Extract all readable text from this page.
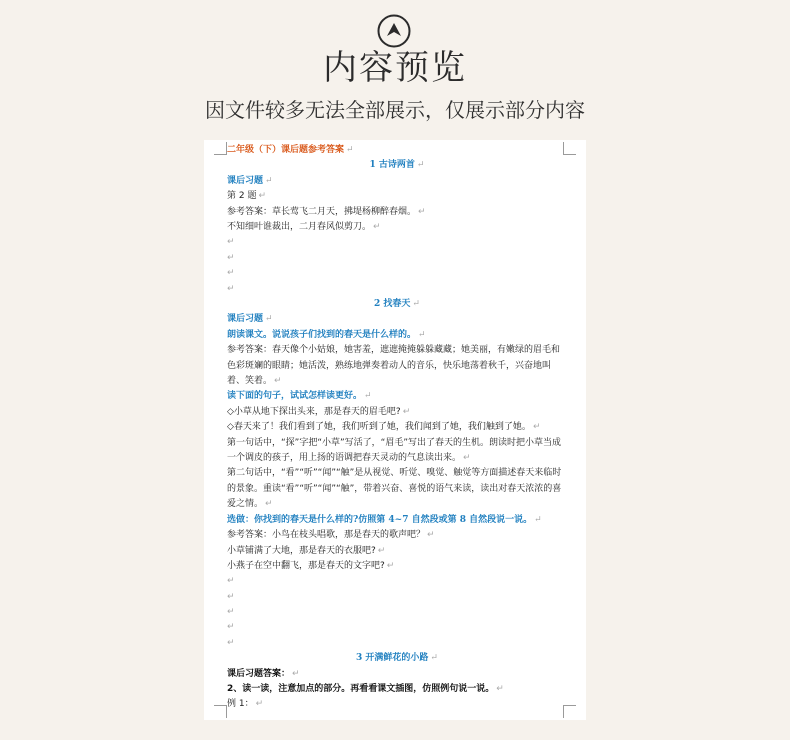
内容预览
因文件较多无法全部展示，仅展示部分内容
二年级（下）课后题参考答案 ↵
1 古诗两首 ↵
课后习题 ↵
第 2 题 ↵
参考答案：草长莺飞二月天，拂堤杨柳醉春烟。 ↵
不知细叶谁裁出，二月春风似剪刀。 ↵
↵
↵
↵
↵
2 找春天 ↵
课后习题 ↵
朗读课文。说说孩子们找到的春天是什么样的。 ↵
参考答案：春天像个小姑娘，她害羞，遮遮掩掩躲躲藏藏；她美丽，有嫩绿的眉毛和色彩斑斓的眼睛；她活泼，熟练地弹奏着动人的音乐，快乐地荡着秋千，兴奋地叫着、笑着。 ↵
读下面的句子，试试怎样读更好。 ↵
◇小草从地下探出头来，那是春天的眉毛吧? ↵
◇春天来了！我们看到了她，我们听到了她，我们闻到了她，我们触到了她。 ↵
第一句话中，“探”字把“小草”写活了，“眉毛”写出了春天的生机。朗读时把小草当成一个调皮的孩子，用上扬的语调把春天灵动的气息读出来。 ↵
第二句话中，“看”“听”“闻”“触”是从视觉、听觉、嗅觉、触觉等方面描述春天来临时的景象。重读“看”“听”“闻”“触”，带着兴奋、喜悦的语气来读，读出对春天浓浓的喜爱之情。 ↵
选做：你找到的春天是什么样的?仿照第 4~7 自然段或第 8 自然段说一说。 ↵
参考答案：小鸟在枝头唱歌，那是春天的歌声吧？ ↵
小草铺满了大地，那是春天的衣服吧? ↵
小燕子在空中翻飞，那是春天的文字吧? ↵
↵
↵
↵
↵
↵
3 开满鲜花的小路 ↵
课后习题答案： ↵
2、读一读，注意加点的部分。再看看课文插图，仿照例句说一说。 ↵
例 1： ↵
